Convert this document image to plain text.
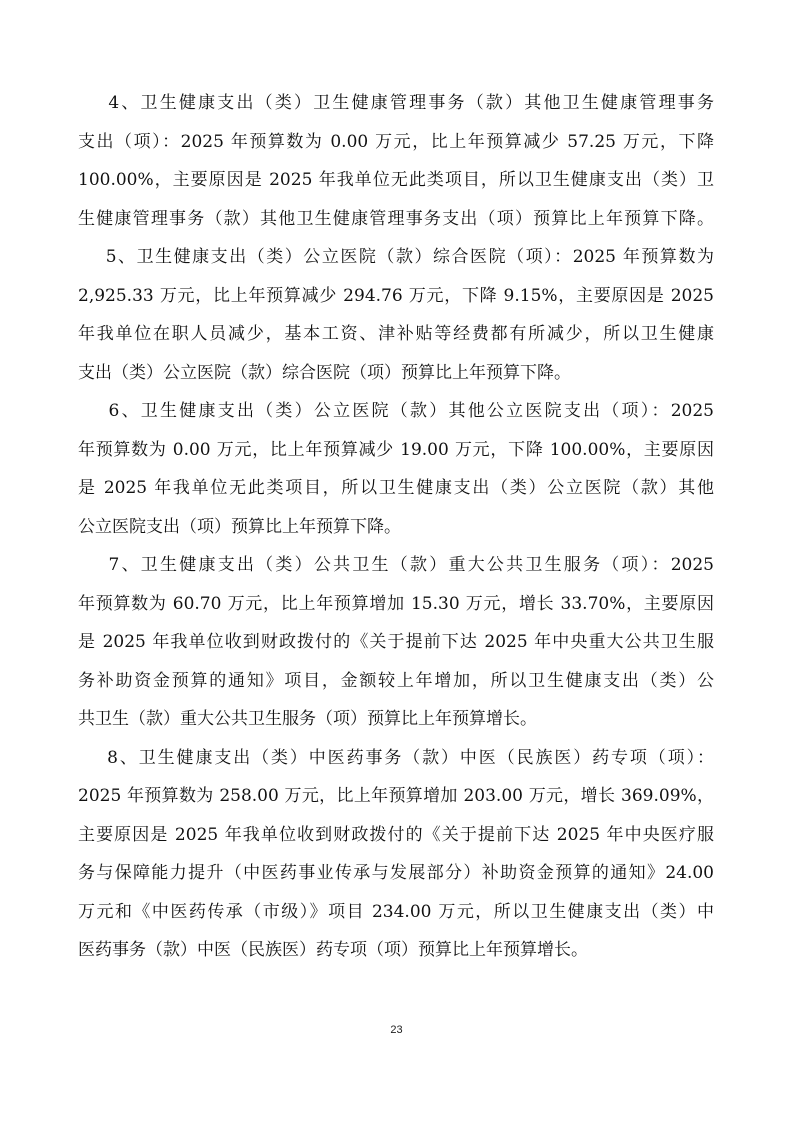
4、卫生健康支出（类）卫生健康管理事务（款）其他卫生健康管理事务
支出（项）：2025 年预算数为 0.00 万元，比上年预算减少 57.25 万元，下降
100.00%，主要原因是 2025 年我单位无此类项目，所以卫生健康支出（类）卫
生健康管理事务（款）其他卫生健康管理事务支出（项）预算比上年预算下降。
5、卫生健康支出（类）公立医院（款）综合医院（项）：2025 年预算数为
2,925.33 万元，比上年预算减少 294.76 万元，下降 9.15%，主要原因是 2025
年我单位在职人员减少，基本工资、津补贴等经费都有所减少，所以卫生健康
支出（类）公立医院（款）综合医院（项）预算比上年预算下降。
6、卫生健康支出（类）公立医院（款）其他公立医院支出（项）：2025
年预算数为 0.00 万元，比上年预算减少 19.00 万元，下降 100.00%，主要原因
是 2025 年我单位无此类项目，所以卫生健康支出（类）公立医院（款）其他
公立医院支出（项）预算比上年预算下降。
7、卫生健康支出（类）公共卫生（款）重大公共卫生服务（项）：2025
年预算数为 60.70 万元，比上年预算增加 15.30 万元，增长 33.70%，主要原因
是 2025 年我单位收到财政拨付的《关于提前下达 2025 年中央重大公共卫生服
务补助资金预算的通知》项目，金额较上年增加，所以卫生健康支出（类）公
共卫生（款）重大公共卫生服务（项）预算比上年预算增长。
8、卫生健康支出（类）中医药事务（款）中医（民族医）药专项（项）：
2025 年预算数为 258.00 万元，比上年预算增加 203.00 万元，增长 369.09%，
主要原因是 2025 年我单位收到财政拨付的《关于提前下达 2025 年中央医疗服
务与保障能力提升（中医药事业传承与发展部分）补助资金预算的通知》24.00
万元和《中医药传承（市级）》项目 234.00 万元，所以卫生健康支出（类）中
医药事务（款）中医（民族医）药专项（项）预算比上年预算增长。
23
